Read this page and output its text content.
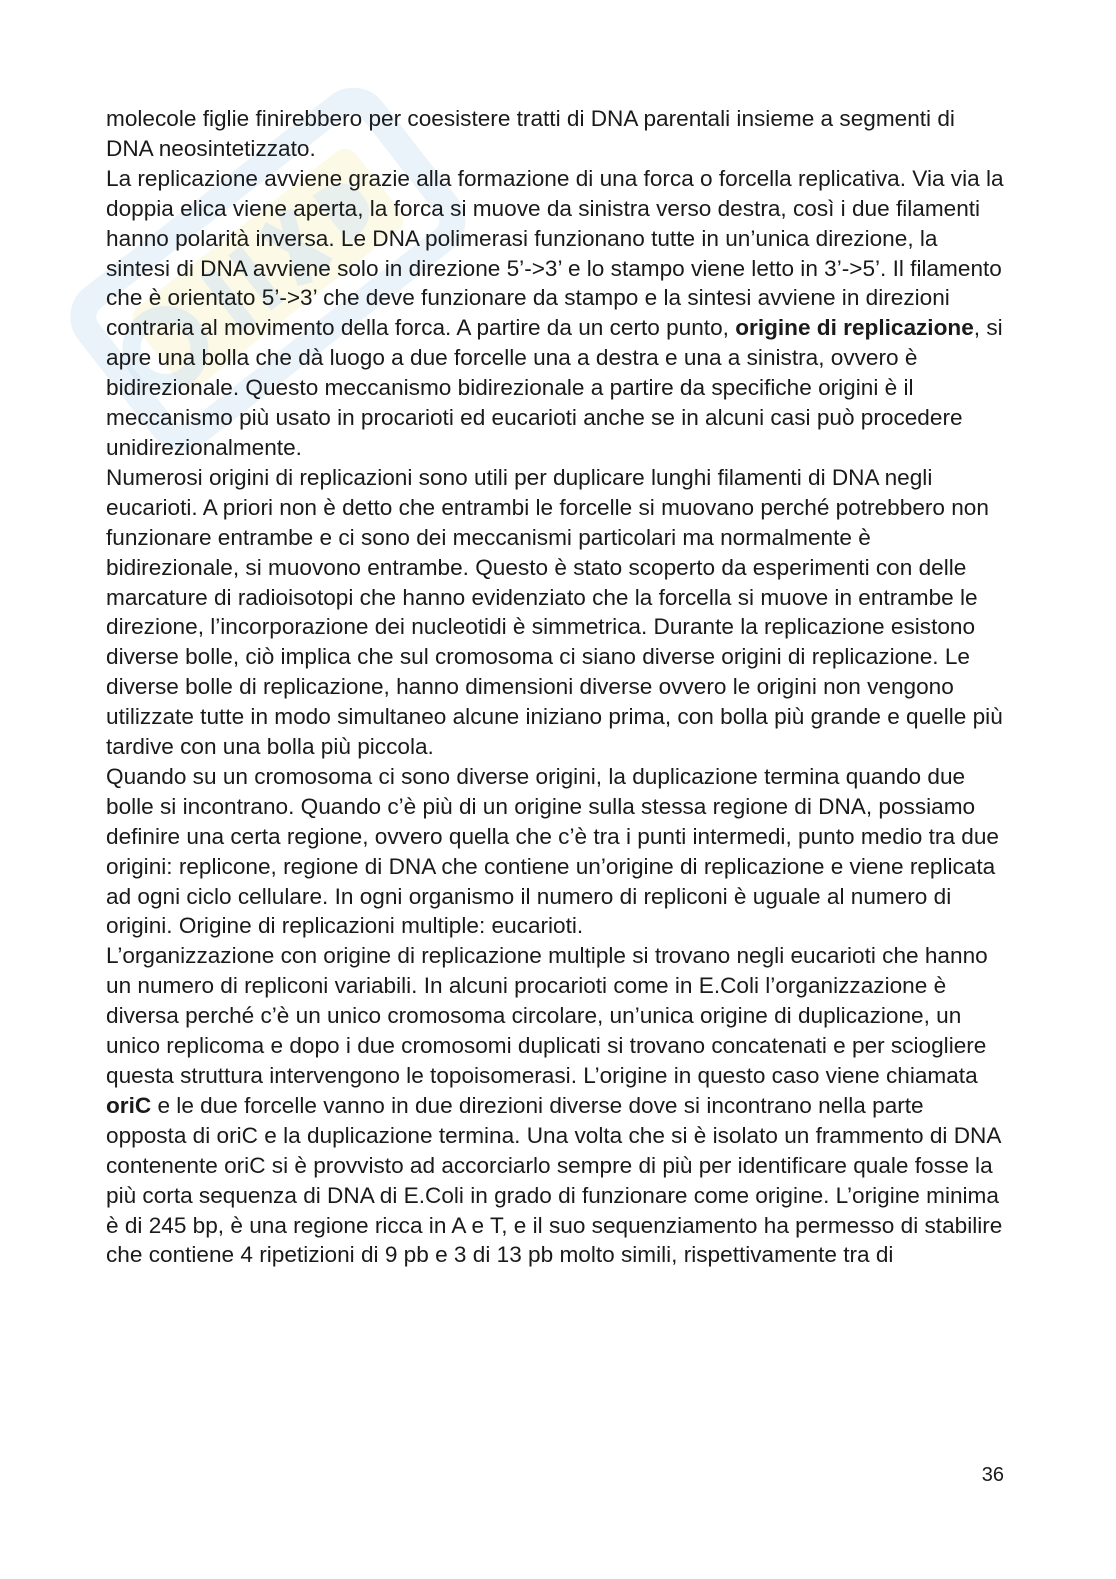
molecole figlie finirebbero per coesistere tratti di DNA parentali insieme a segmenti di DNA neosintetizzato.

La replicazione avviene grazie alla formazione di una forca o forcella replicativa. Via via la doppia elica viene aperta, la forca si muove da sinistra verso destra, così i due filamenti hanno polarità inversa. Le DNA polimerasi funzionano tutte in un’unica direzione, la sintesi di DNA avviene solo in direzione 5’->3’ e lo stampo viene letto in 3’->5’. Il filamento che è orientato 5’->3’ che deve funzionare da stampo e la sintesi avviene in direzioni contraria al movimento della forca. A partire da un certo punto, origine di replicazione, si apre una bolla che dà luogo a due forcelle una a destra e una a sinistra, ovvero è bidirezionale. Questo meccanismo bidirezionale a partire da specifiche origini è il meccanismo più usato in procarioti ed eucarioti anche se in alcuni casi può procedere unidirezionalmente.

Numerosi origini di replicazioni sono utili per duplicare lunghi filamenti di DNA negli eucarioti. A priori non è detto che entrambi le forcelle si muovano perché potrebbero non funzionare entrambe e ci sono dei meccanismi particolari ma normalmente è bidirezionale, si muovono entrambe. Questo è stato scoperto da esperimenti con delle marcature di radioisotopi che hanno evidenziato che la forcella si muove in entrambe le direzione, l’incorporazione dei nucleotidi è simmetrica. Durante la replicazione esistono diverse bolle, ciò implica che sul cromosoma ci siano diverse origini di replicazione. Le diverse bolle di replicazione, hanno dimensioni diverse ovvero le origini non vengono utilizzate tutte in modo simultaneo alcune iniziano prima, con bolla più grande e quelle più tardive con una bolla più piccola.

Quando su un cromosoma ci sono diverse origini, la duplicazione termina quando due bolle si incontrano. Quando c’è più di un origine sulla stessa regione di DNA, possiamo definire una certa regione, ovvero quella che c’è tra i punti intermedi, punto medio tra due origini: replicone, regione di DNA che contiene un’origine di replicazione e viene replicata ad ogni ciclo cellulare. In ogni organismo il numero di repliconi è uguale al numero di origini. Origine di replicazioni multiple: eucarioti.

L’organizzazione con origine di replicazione multiple si trovano negli eucarioti che hanno un numero di repliconi variabili. In alcuni procarioti come in E.Coli l’organizzazione è diversa perché c’è un unico cromosoma circolare, un’unica origine di duplicazione, un unico replicoma e dopo i due cromosomi duplicati si trovano concatenati e per sciogliere questa struttura intervengono le topoisomerasi. L’origine in questo caso viene chiamata oriC e le due forcelle vanno in due direzioni diverse dove si incontrano nella parte opposta di oriC e la duplicazione termina. Una volta che si è isolato un frammento di DNA contenente oriC si è provvisto ad accorciarlo sempre di più per identificare quale fosse la più corta sequenza di DNA di E.Coli in grado di funzionare come origine. L’origine minima è di 245 bp, è una regione ricca in A e T, e il suo sequenziamento ha permesso di stabilire che contiene 4 ripetizioni di 9 pb e 3 di 13 pb molto simili, rispettivamente tra di

36
